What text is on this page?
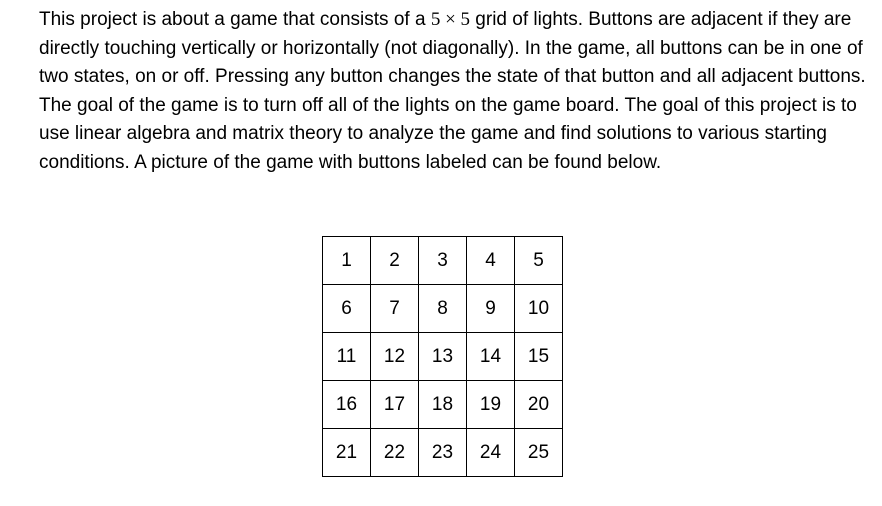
This project is about a game that consists of a 5 × 5 grid of lights. Buttons are adjacent if they are directly touching vertically or horizontally (not diagonally). In the game, all buttons can be in one of two states, on or off. Pressing any button changes the state of that button and all adjacent buttons. The goal of the game is to turn off all of the lights on the game board. The goal of this project is to use linear algebra and matrix theory to analyze the game and find solutions to various starting conditions. A picture of the game with buttons labeled can be found below.

1	2	3	4	5
6	7	8	9	10
11	12	13	14	15
16	17	18	19	20
21	22	23	24	25
